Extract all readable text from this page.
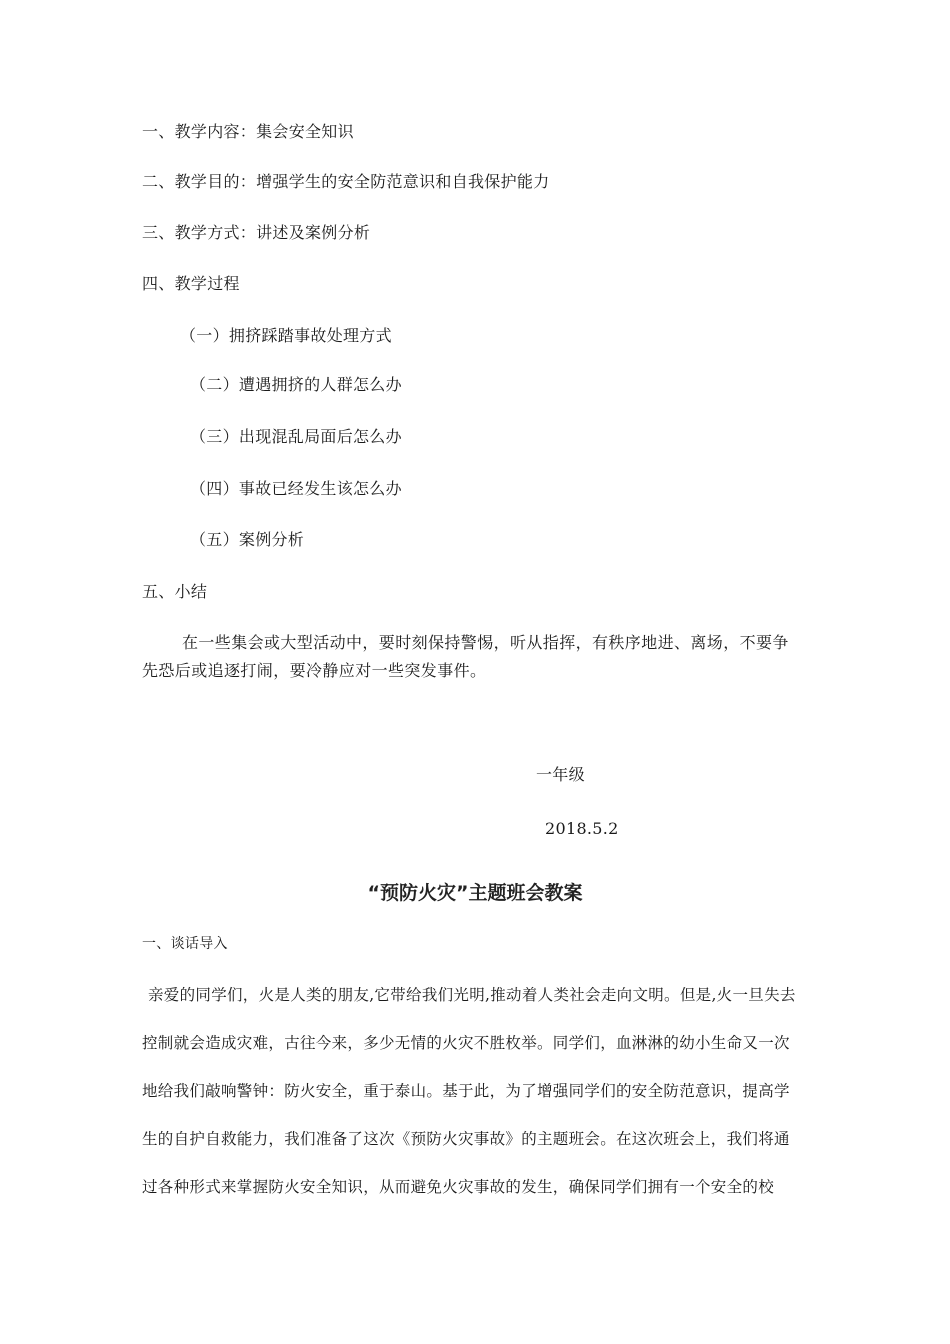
一、教学内容：集会安全知识
二、教学目的：增强学生的安全防范意识和自我保护能力
三、教学方式：讲述及案例分析
四、教学过程
（一）拥挤踩踏事故处理方式
（二）遭遇拥挤的人群怎么办
（三）出现混乱局面后怎么办
（四）事故已经发生该怎么办
（五）案例分析
五、小结
在一些集会或大型活动中，要时刻保持警惕，听从指挥，有秩序地进、离场，不要争先恐后或追逐打闹，要冷静应对一些突发事件。
一年级
2018.5.2
“预防火灾”主题班会教案
一、谈话导入
亲爱的同学们，火是人类的朋友,它带给我们光明,推动着人类社会走向文明。但是,火一旦失去控制就会造成灾难，古往今来，多少无情的火灾不胜枚举。同学们，血淋淋的幼小生命又一次地给我们敲响警钟：防火安全，重于泰山。基于此，为了增强同学们的安全防范意识，提高学生的自护自救能力，我们准备了这次《预防火灾事故》的主题班会。在这次班会上，我们将通过各种形式来掌握防火安全知识，从而避免火灾事故的发生，确保同学们拥有一个安全的校
